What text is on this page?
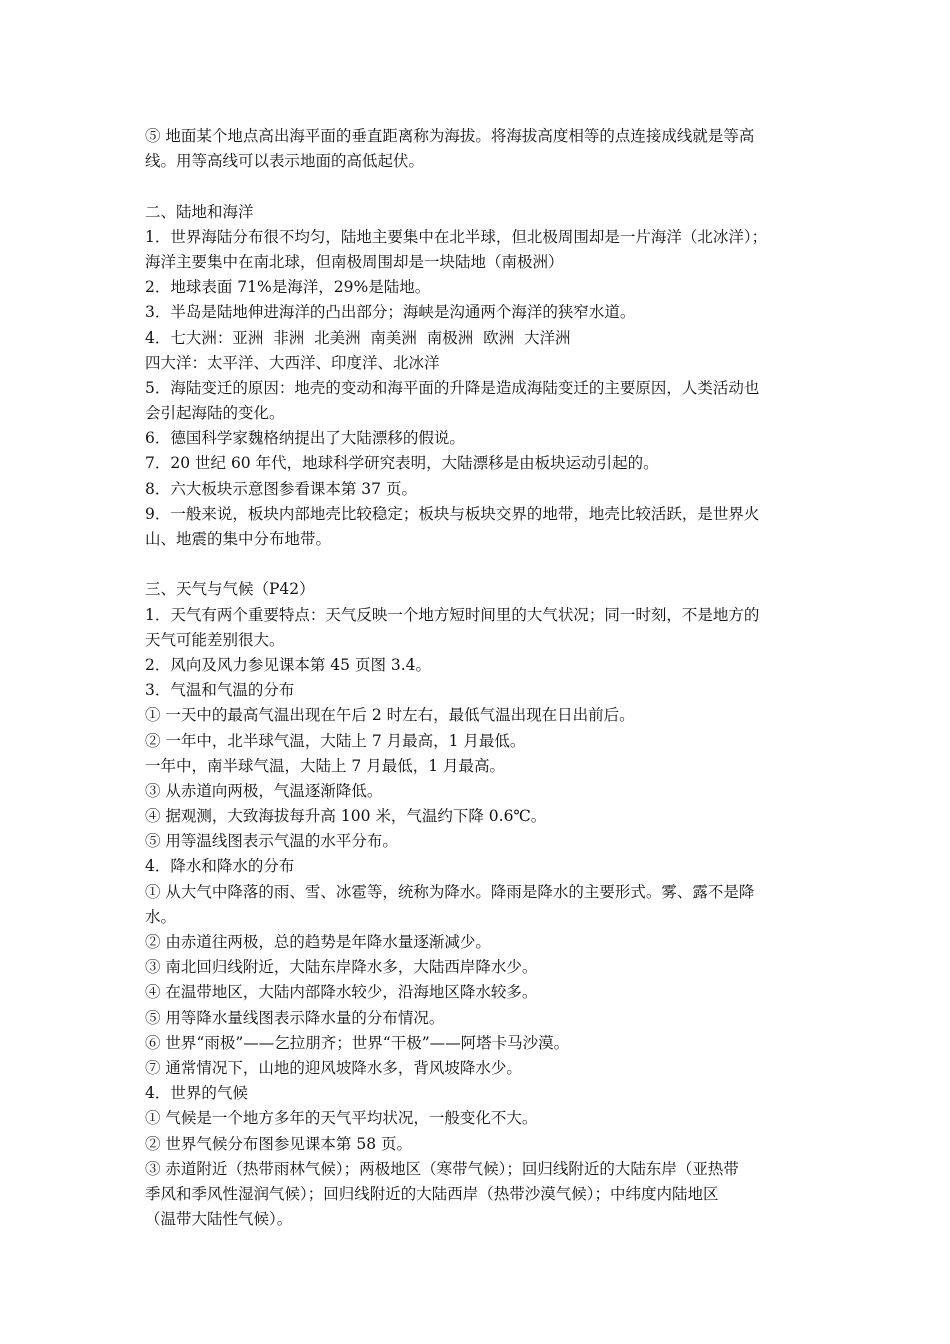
⑤ 地面某个地点高出海平面的垂直距离称为海拔。将海拔高度相等的点连接成线就是等高
线。用等高线可以表示地面的高低起伏。
二、陆地和海洋
1．世界海陆分布很不均匀，陆地主要集中在北半球，但北极周围却是一片海洋（北冰洋）；
海洋主要集中在南北球，但南极周围却是一块陆地（南极洲）
2．地球表面 71%是海洋，29%是陆地。
3．半岛是陆地伸进海洋的凸出部分；海峡是沟通两个海洋的狭窄水道。
4．七大洲：亚洲  非洲  北美洲  南美洲  南极洲  欧洲  大洋洲
四大洋：太平洋、大西洋、印度洋、北冰洋
5．海陆变迁的原因：地壳的变动和海平面的升降是造成海陆变迁的主要原因，人类活动也
会引起海陆的变化。
6．德国科学家魏格纳提出了大陆漂移的假说。
7．20 世纪 60 年代，地球科学研究表明，大陆漂移是由板块运动引起的。
8．六大板块示意图参看课本第 37 页。
9．一般来说，板块内部地壳比较稳定；板块与板块交界的地带，地壳比较活跃，是世界火
山、地震的集中分布地带。
三、天气与气候（P42）
1．天气有两个重要特点：天气反映一个地方短时间里的大气状况；同一时刻，不是地方的
天气可能差别很大。
2．风向及风力参见课本第 45 页图 3.4。
3．气温和气温的分布
① 一天中的最高气温出现在午后 2 时左右，最低气温出现在日出前后。
② 一年中，北半球气温，大陆上 7 月最高，1 月最低。
一年中，南半球气温，大陆上 7 月最低，1 月最高。
③ 从赤道向两极，气温逐渐降低。
④ 据观测，大致海拔每升高 100 米，气温约下降 0.6℃。
⑤ 用等温线图表示气温的水平分布。
4．降水和降水的分布
① 从大气中降落的雨、雪、冰雹等，统称为降水。降雨是降水的主要形式。雾、露不是降
水。
② 由赤道往两极，总的趋势是年降水量逐渐减少。
③ 南北回归线附近，大陆东岸降水多，大陆西岸降水少。
④ 在温带地区，大陆内部降水较少，沿海地区降水较多。
⑤ 用等降水量线图表示降水量的分布情况。
⑥ 世界“雨极”——乞拉朋齐；世界“干极”——阿塔卡马沙漠。
⑦ 通常情况下，山地的迎风坡降水多，背风坡降水少。
4．世界的气候
① 气候是一个地方多年的天气平均状况，一般变化不大。
② 世界气候分布图参见课本第 58 页。
③ 赤道附近（热带雨林气候）；两极地区（寒带气候）；回归线附近的大陆东岸（亚热带
季风和季风性湿润气候）；回归线附近的大陆西岸（热带沙漠气候）；中纬度内陆地区
（温带大陆性气候）。
